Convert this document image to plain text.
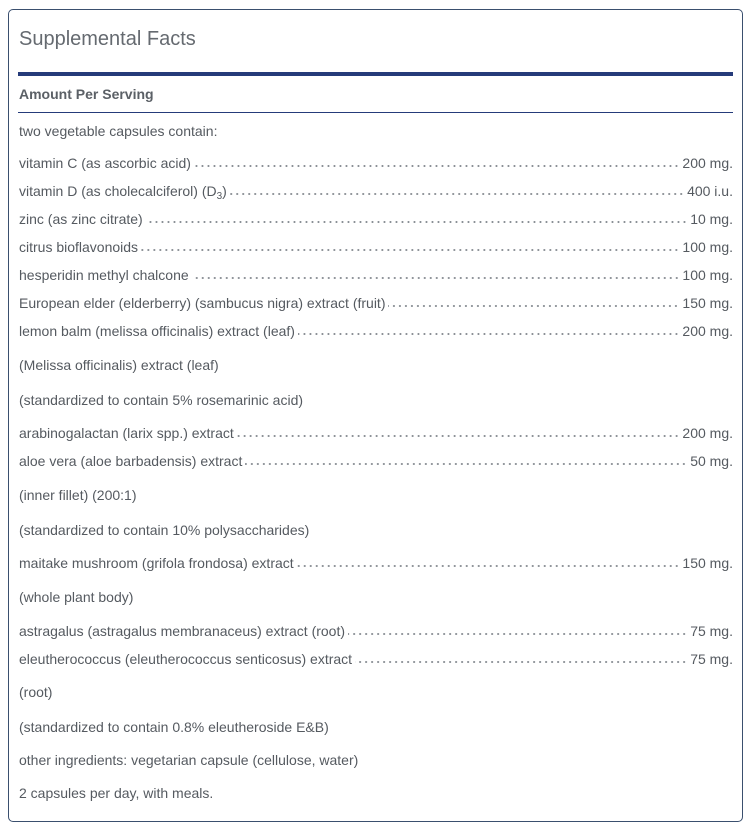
Supplemental Facts
Amount Per Serving
two vegetable capsules contain:
vitamin C (as ascorbic acid)	200 mg.
vitamin D (as cholecalciferol) $(D_3)$	400 i.u.
zinc (as zinc citrate)	10 mg.
citrus bioflavonoids	100 mg.
hesperidin methyl chalcone	100 mg.
European elder (elderberry) (sambucus nigra) extract (fruit)	150 mg.
lemon balm (melissa officinalis) extract (leaf)	200 mg.
(Melissa officinalis) extract (leaf)
(standardized to contain 5% rosemarinic acid)
arabinogalactan (larix spp.) extract	200 mg.
aloe vera (aloe barbadensis) extract	50 mg.
(inner fillet) (200:1)
(standardized to contain 10% polysaccharides)
maitake mushroom (grifola frondosa) extract	150 mg.
(whole plant body)
astragalus (astragalus membranaceus) extract (root)	75 mg.
eleutherococcus (eleutherococcus senticosus) extract	75 mg.
(root)
(standardized to contain 0.8% eleutheroside E&B)
other ingredients: vegetarian capsule (cellulose, water)
2 capsules per day, with meals.
